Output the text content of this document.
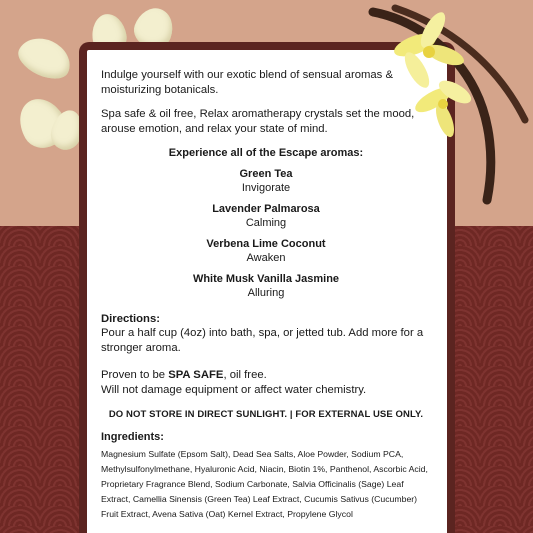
Indulge yourself with our exotic blend of sensual aromas & moisturizing botanicals.

Spa safe & oil free, Relax aromatherapy crystals set the mood, arouse emotion, and relax your state of mind.

Experience all of the Escape aromas:
Green Tea
Invigorate
Lavender Palmarosa
Calming
Verbena Lime Coconut
Awaken
White Musk Vanilla Jasmine
Alluring
Directions:

Pour a half cup (4oz) into bath, spa, or jetted tub. Add more for a stronger aroma.

Proven to be SPA SAFE, oil free.
Will not damage equipment or affect water chemistry.

DO NOT STORE IN DIRECT SUNLIGHT. | FOR EXTERNAL USE ONLY.
Ingredients:
Magnesium Sulfate (Epsom Salt), Dead Sea Salts, Aloe Powder, Sodium PCA, Methylsulfonylmethane, Hyaluronic Acid, Niacin, Biotin 1%, Panthenol, Ascorbic Acid, Proprietary Fragrance Blend, Sodium Carbonate, Salvia Officinalis (Sage) Leaf Extract, Camellia Sinensis (Green Tea) Leaf Extract, Cucumis Sativus (Cucumber) Fruit Extract, Avena Sativa (Oat) Kernel Extract, Propylene Glycol
